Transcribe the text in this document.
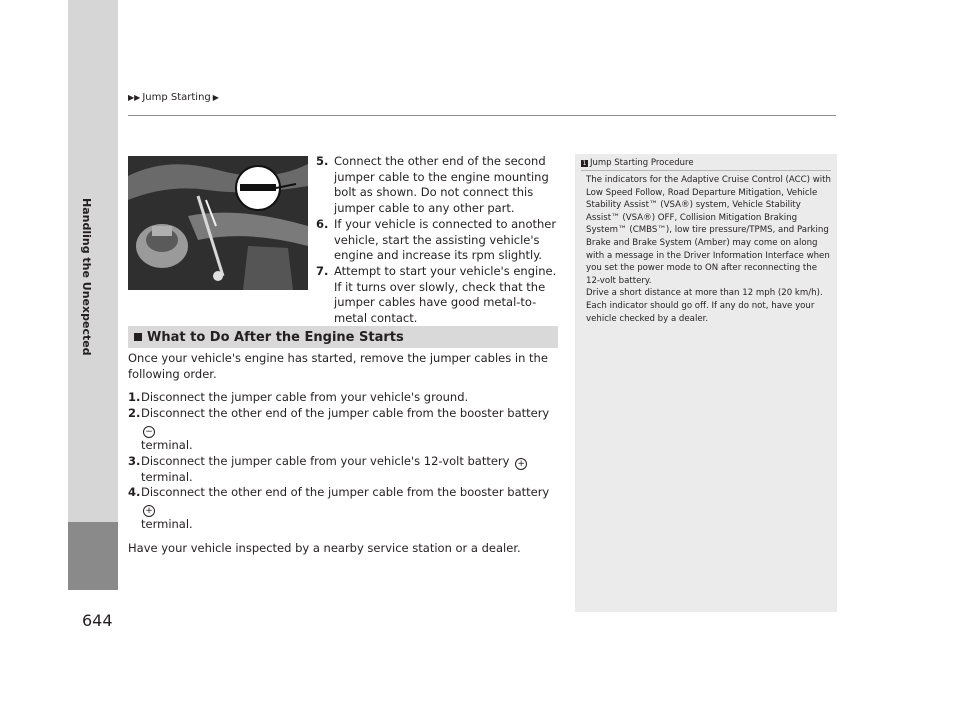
Handling the Unexpected
▶▶ Jump Starting ▶
5. Connect the other end of the second jumper cable to the engine mounting bolt as shown. Do not connect this jumper cable to any other part.
6. If your vehicle is connected to another vehicle, start the assisting vehicle's engine and increase its rpm slightly.
7. Attempt to start your vehicle's engine. If it turns over slowly, check that the jumper cables have good metal-to-metal contact.
What to Do After the Engine Starts

Once your vehicle's engine has started, remove the jumper cables in the following order.

1. Disconnect the jumper cable from your vehicle's ground.
2. Disconnect the other end of the jumper cable from the booster battery −
terminal.
3. Disconnect the jumper cable from your vehicle's 12-volt battery + terminal.
4. Disconnect the other end of the jumper cable from the booster battery +
terminal.

Have your vehicle inspected by a nearby service station or a dealer.

1 Jump Starting Procedure

The indicators for the Adaptive Cruise Control (ACC) with Low Speed Follow, Road Departure Mitigation, Vehicle Stability Assist™ (VSA®) system, Vehicle Stability Assist™ (VSA®) OFF, Collision Mitigation Braking System™ (CMBS™), low tire pressure/TPMS, and Parking Brake and Brake System (Amber) may come on along with a message in the Driver Information Interface when you set the power mode to ON after reconnecting the 12-volt battery.

Drive a short distance at more than 12 mph (20 km/h). Each indicator should go off. If any do not, have your vehicle checked by a dealer.

644
